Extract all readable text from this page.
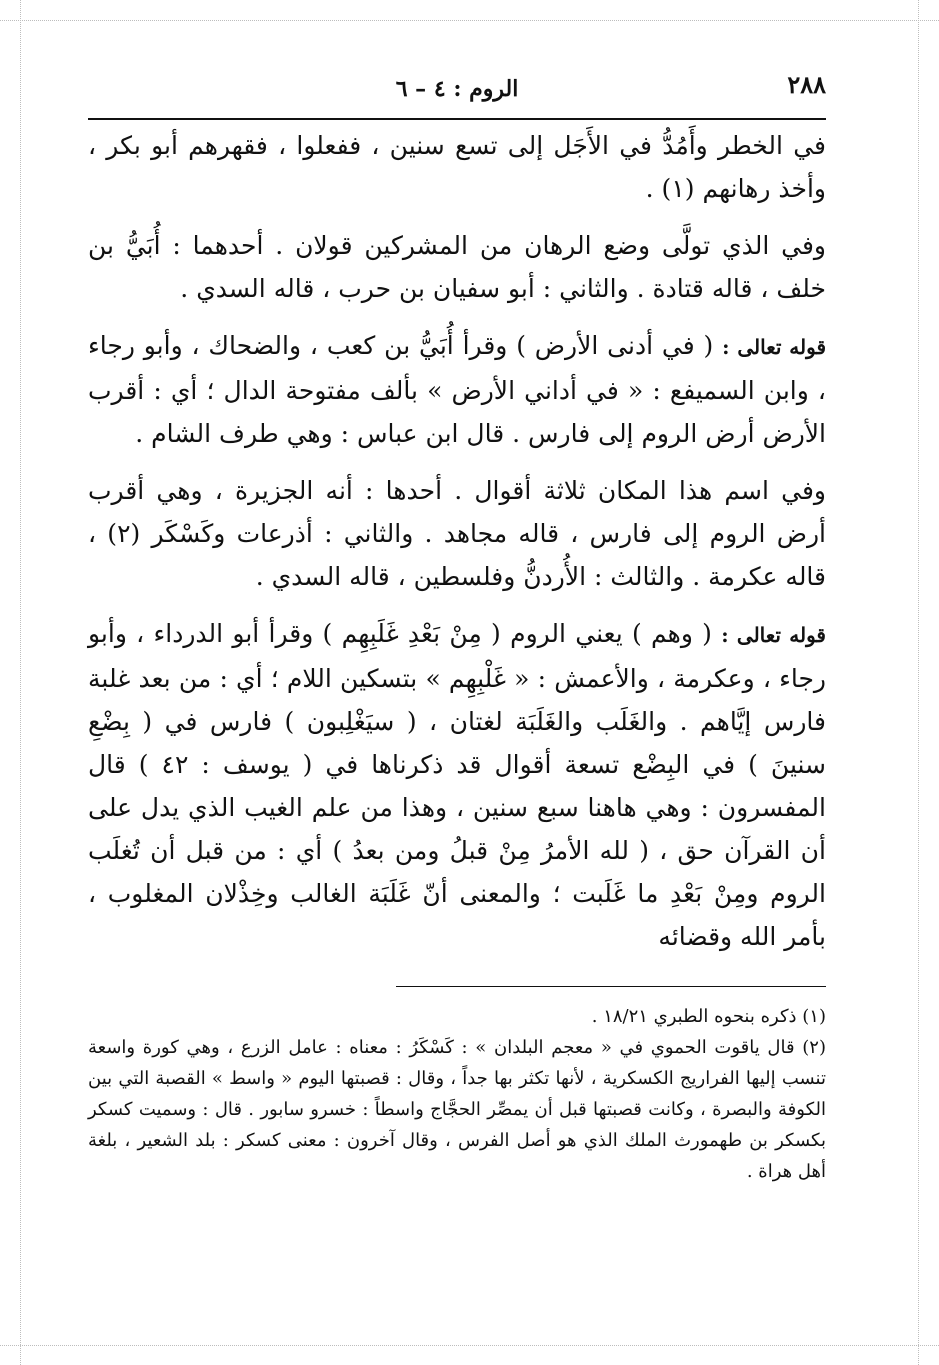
٢٨٨
الروم : ٤ – ٦

في الخطر وأَمُدُّ في الأَجَل إلى تسع سنين ، ففعلوا ، فقهرهم أبو بكر ، وأخذ رهانهم (١) .

وفي الذي تولَّى وضع الرهان من المشركين قولان . أحدهما : أُبَيُّ بن خلف ، قاله قتادة . والثاني : أبو سفيان بن حرب ، قاله السدي .

قوله تعالى : ( في أدنى الأرض ) وقرأ أُبَيُّ بن كعب ، والضحاك ، وأبو رجاء ، وابن السميفع : « في أداني الأرض » بألف مفتوحة الدال ؛ أي : أقرب الأرض أرض الروم إلى فارس . قال ابن عباس : وهي طرف الشام .

وفي اسم هذا المكان ثلاثة أقوال . أحدها : أنه الجزيرة ، وهي أقرب أرض الروم إلى فارس ، قاله مجاهد . والثاني : أذرعات وكَسْكَر (٢) ، قاله عكرمة . والثالث : الأُردنُّ وفلسطين ، قاله السدي .

قوله تعالى : ( وهم ) يعني الروم ( مِنْ بَعْدِ غَلَبِهِم ) وقرأ أبو الدرداء ، وأبو رجاء ، وعكرمة ، والأعمش : « غَلْبِهِم » بتسكين اللام ؛ أي : من بعد غلبة فارس إيَّاهم . والغَلَب والغَلَبَة لغتان ، ( سيَغْلِبون ) فارس في ( بِضْعِ سنينَ ) في البِضْع تسعة أقوال قد ذكرناها في ( يوسف : ٤٢ ) قال المفسرون : وهي هاهنا سبع سنين ، وهذا من علم الغيب الذي يدل على أن القرآن حق ، ( لله الأمرُ مِنْ قبلُ ومن بعدُ ) أي : من قبل أن تُغلَب الروم ومِنْ بَعْدِ ما غَلَبت ؛ والمعنى أنّ غَلَبَة الغالب وخِذْلان المغلوب ، بأمر الله وقضائه

(١) ذكره بنحوه الطبري ١٨/٢١ .

(٢) قال ياقوت الحموي في « معجم البلدان » : كَسْكَرُ : معناه : عامل الزرع ، وهي كورة واسعة تنسب إليها الفراريج الكسكرية ، لأنها تكثر بها جداً ، وقال : قصبتها اليوم « واسط » القصبة التي بين الكوفة والبصرة ، وكانت قصبتها قبل أن يمصِّر الحجَّاج واسطاً : خسرو سابور . قال : وسميت كسكر بكسكر بن طهمورث الملك الذي هو أصل الفرس ، وقال آخرون : معنى كسكر : بلد الشعير ، بلغة أهل هراة .
